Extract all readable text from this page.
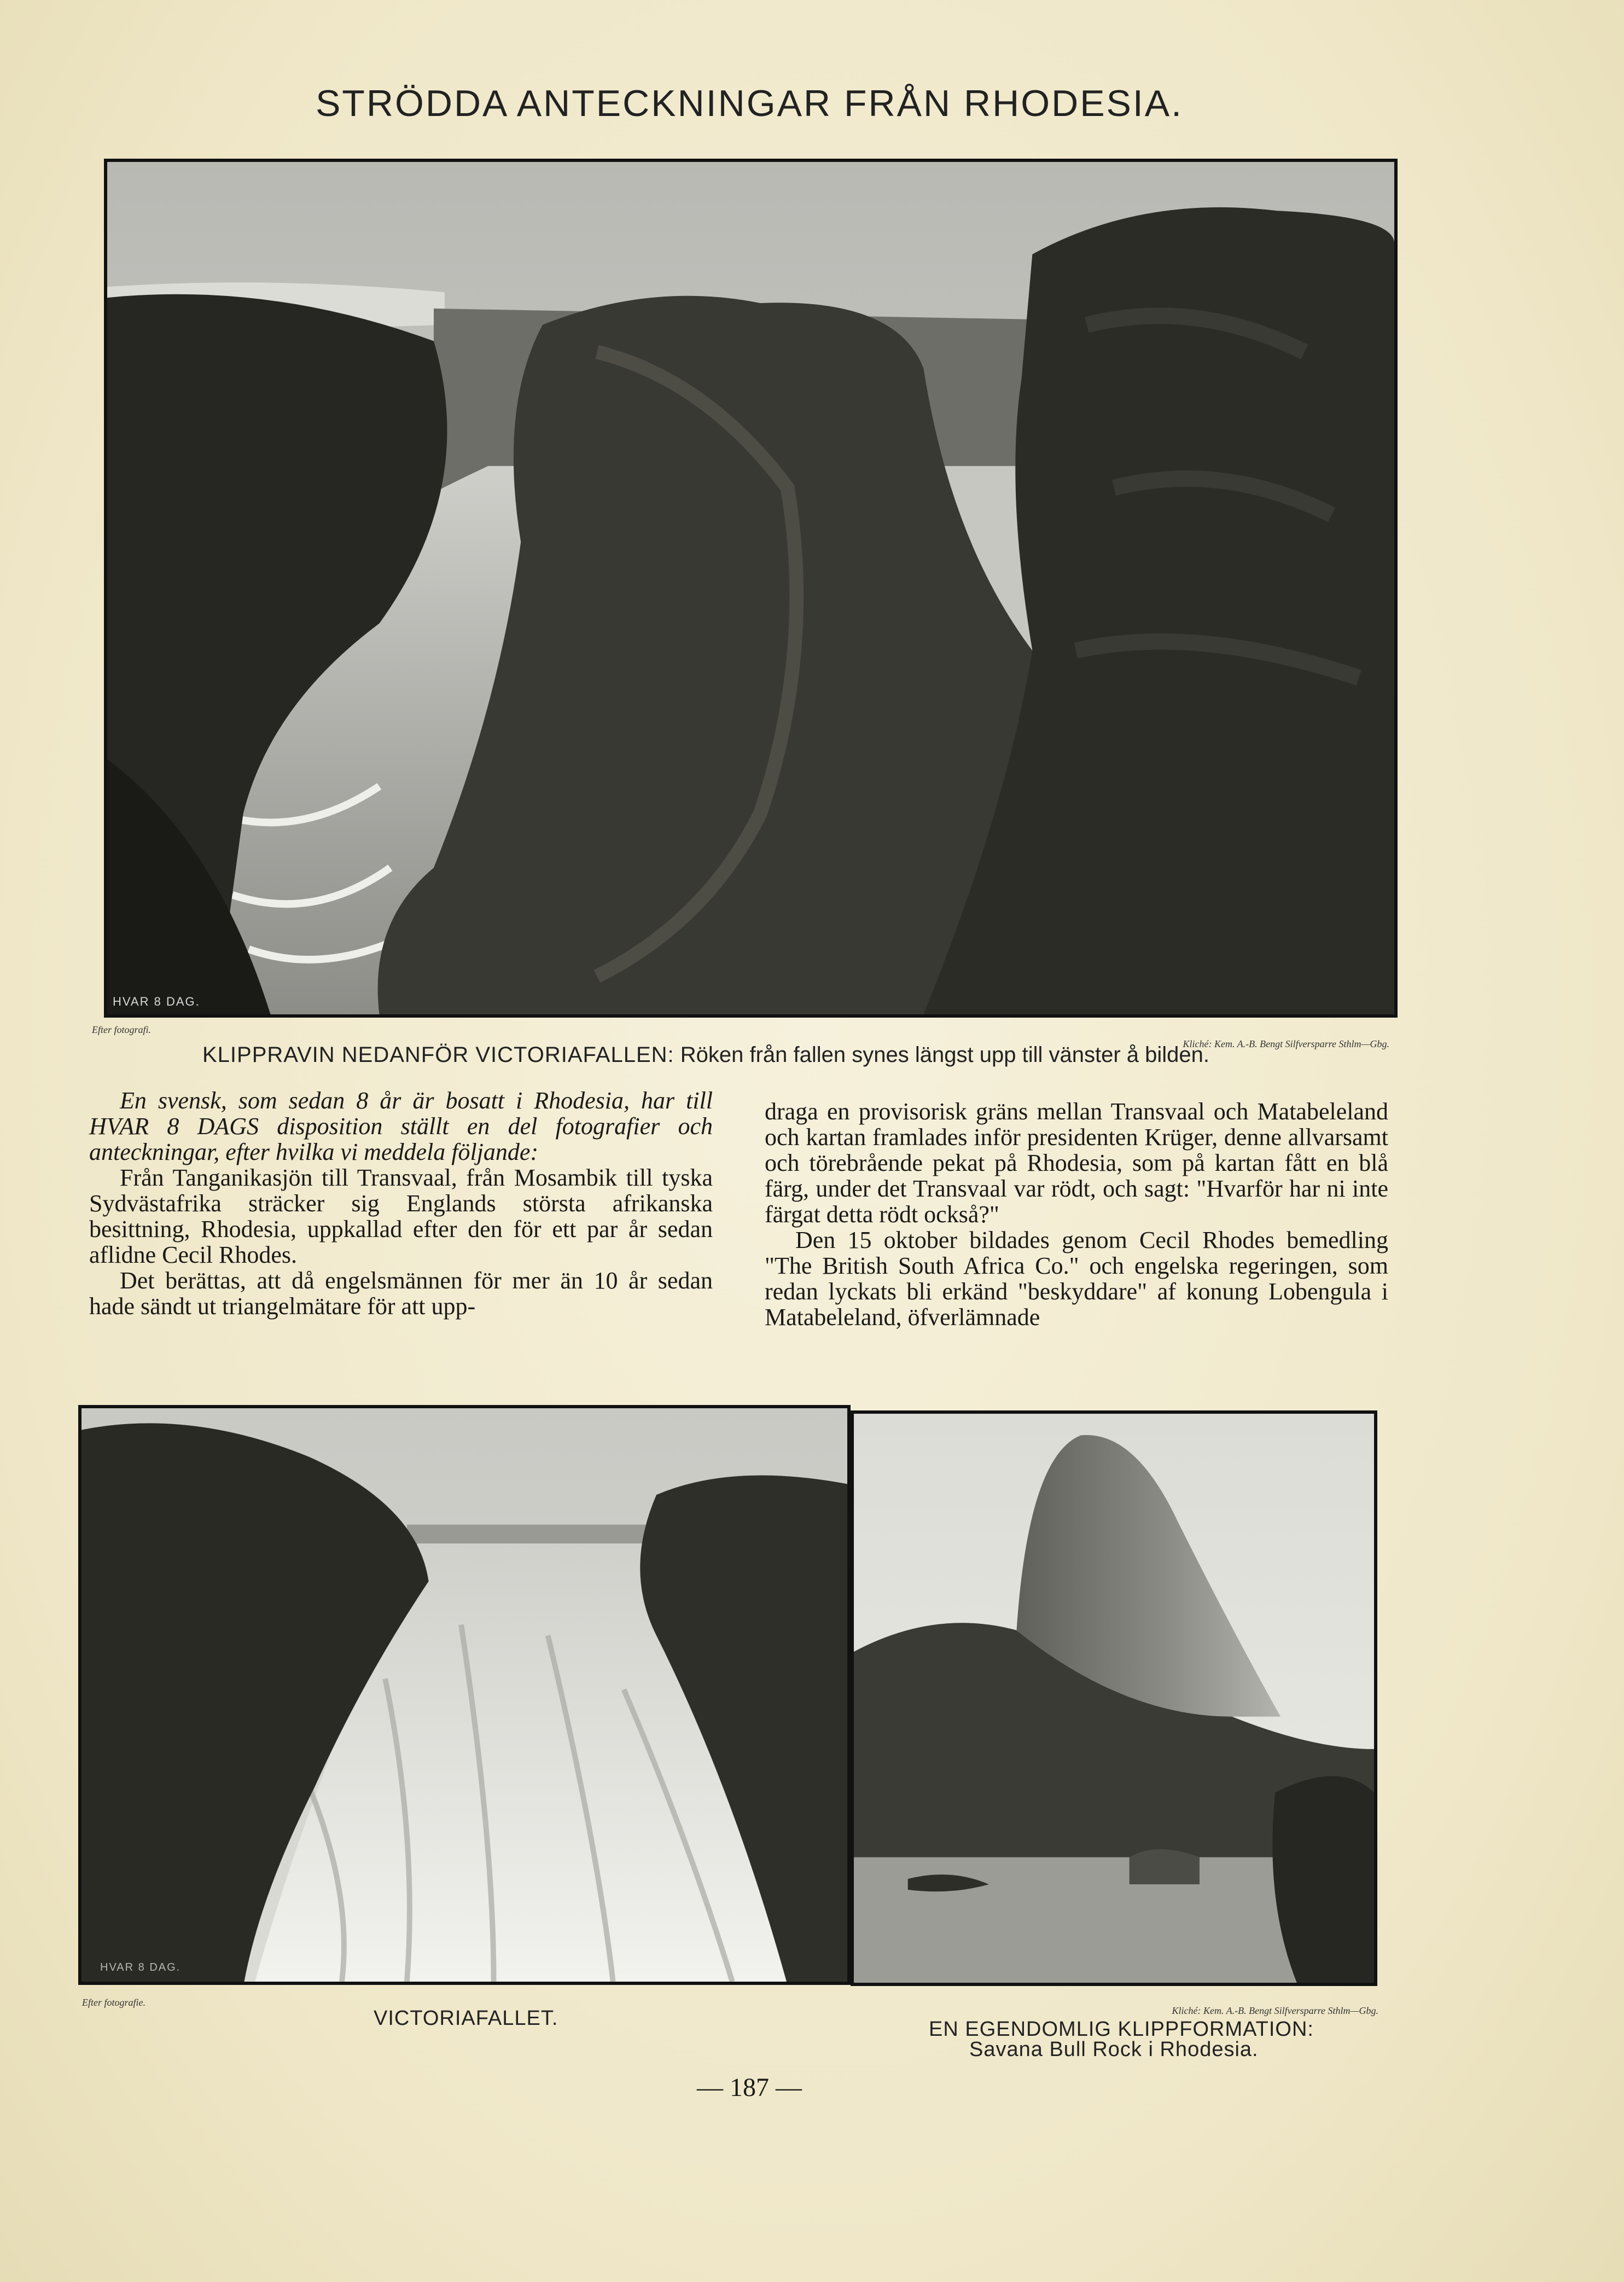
STRÖDDA ANTECKNINGAR FRÅN RHODESIA.
HVAR 8 DAG.
Efter fotografi.
Kliché: Kem. A.-B. Bengt Silfversparre Sthlm—Gbg.
KLIPPRAVIN NEDANFÖR VICTORIAFALLEN: Röken från fallen synes längst upp till vänster å bilden.

En svensk, som sedan 8 år är bosatt i Rhodesia, har till HVAR 8 DAGS disposition ställt en del fotografier och anteckningar, efter hvilka vi meddela följande:

Från Tanganikasjön till Transvaal, från Mosambik till tyska Sydvästafrika sträcker sig Englands största afrikanska besittning, Rhodesia, uppkallad efter den för ett par år sedan aflidne Cecil Rhodes.

Det berättas, att då engelsmännen för mer än 10 år sedan hade sändt ut triangelmätare för att upp-

draga en provisorisk gräns mellan Transvaal och Matabeleland och kartan framlades inför presidenten Krüger, denne allvarsamt och törebrående pekat på Rhodesia, som på kartan fått en blå färg, under det Transvaal var rödt, och sagt: "Hvarför har ni inte färgat detta rödt också?"

Den 15 oktober bildades genom Cecil Rhodes bemedling "The British South Africa Co." och engelska regeringen, som redan lyckats bli erkänd "beskyddare" af konung Lobengula i Matabeleland, öfverlämnade

HVAR 8 DAG.
Efter fotografie.
Kliché: Kem. A.-B. Bengt Silfversparre Sthlm—Gbg.
VICTORIAFALLET.	EN EGENDOMLIG KLIPPFORMATION:
Savana Bull Rock i Rhodesia.
— 187 —
